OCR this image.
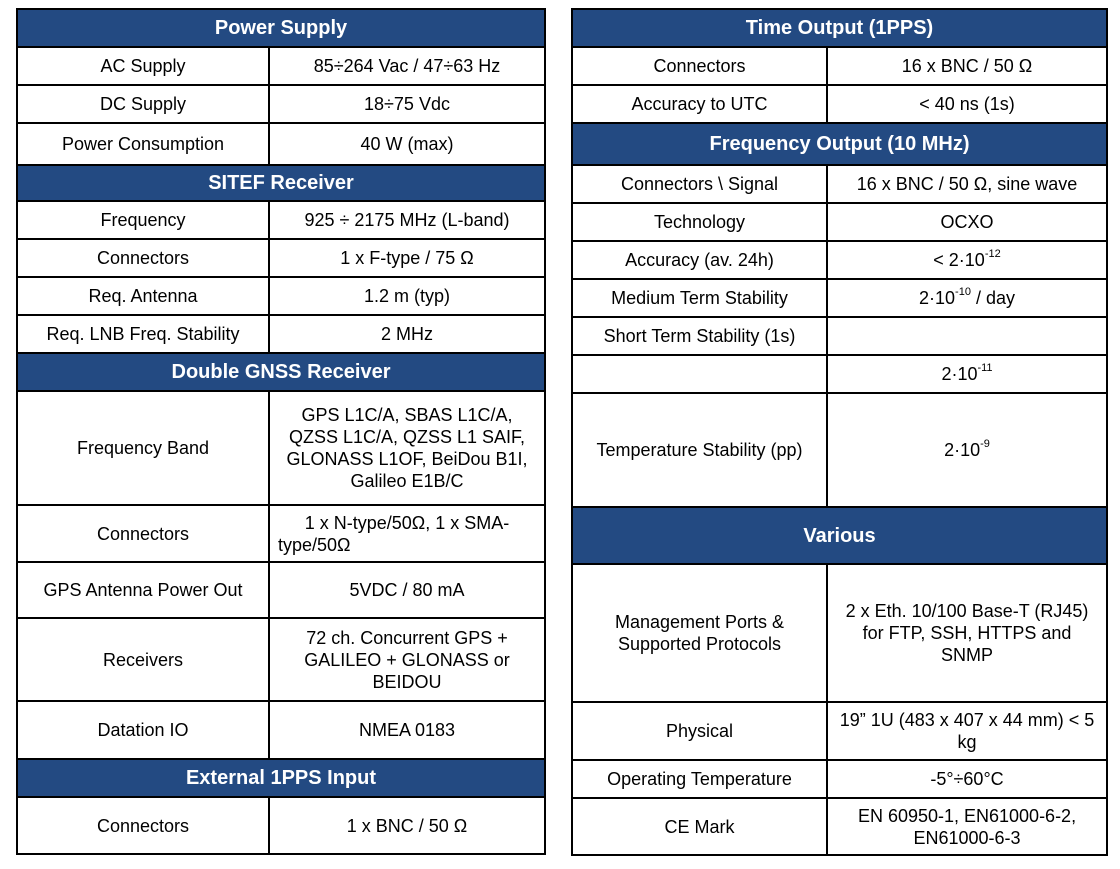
Power Supply	
AC Supply	85÷264 Vac / 47÷63 Hz
DC Supply	18÷75 Vdc
Power Consumption	40 W (max)
SITEF Receiver	
Frequency	925 ÷ 2175 MHz (L-band)
Connectors	1 x F-type / 75 Ω
Req. Antenna	1.2 m (typ)
Req. LNB Freq. Stability	2 MHz
Double GNSS Receiver	
Frequency Band	GPS L1C/A, SBAS L1C/A, QZSS L1C/A, QZSS L1 SAIF, GLONASS L1OF, BeiDou B1I, Galileo E1B/C
Connectors	1 x N-type/50Ω, 1 x SMA-type/50Ω
GPS Antenna Power Out	5VDC / 80 mA
Receivers	72 ch. Concurrent GPS + GALILEO + GLONASS or BEIDOU
Datation IO	NMEA 0183
External 1PPS Input	
Connectors	1 x BNC / 50 Ω
Time Output (1PPS)	
Connectors	16 x BNC / 50 Ω
Accuracy to UTC	< 40 ns (1s)
Frequency Output (10 MHz)	
Connectors \ Signal	16 x BNC / 50 Ω, sine wave
Technology	OCXO
Accuracy (av. 24h)	< $2\cdot 10^{-12}$
Medium Term Stability	$2\cdot 10^{-10}$ / day
Short Term Stability (1s)	
	$2\cdot 10^{-11}$
Temperature Stability (pp)	$2\cdot 10^{-9}$
Various	
Management Ports & Supported Protocols	2 x Eth. 10/100 Base-T (RJ45) for FTP, SSH, HTTPS and SNMP
Physical	19” 1U (483 x 407 x 44 mm) < 5 kg
Operating Temperature	-5°÷60°C
CE Mark	EN 60950-1, EN61000-6-2, EN61000-6-3
